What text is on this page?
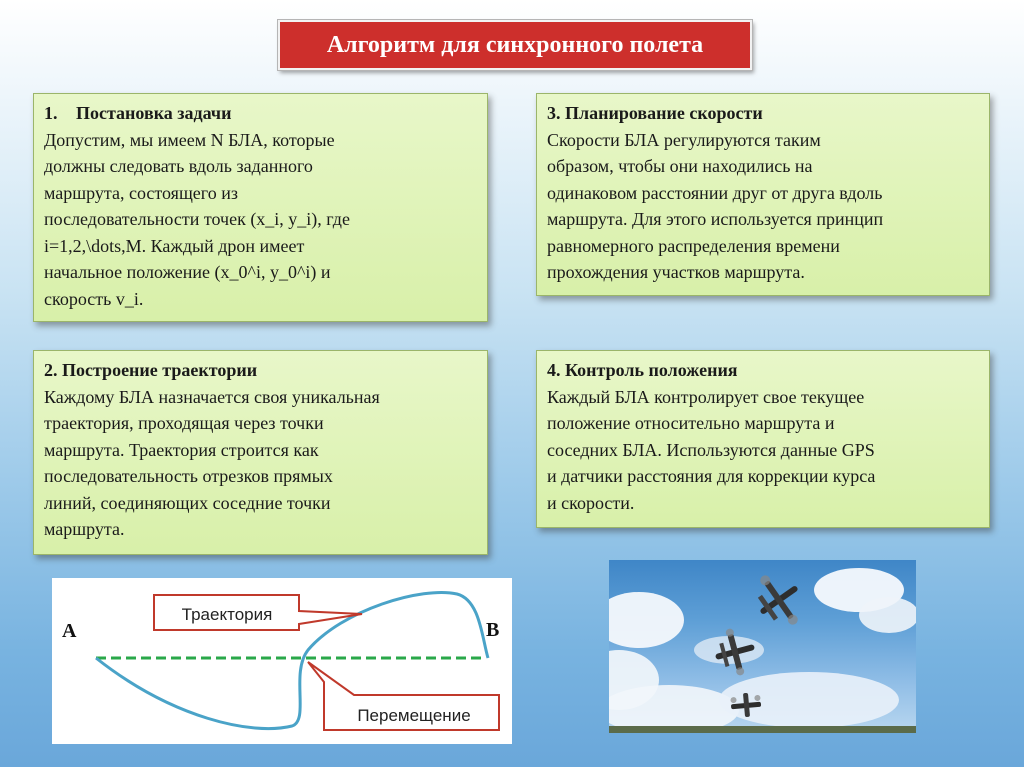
Алгоритм для синхронного полета
1. Постановка задачи
Допустим, мы имеем N БЛА, которые
должны следовать вдоль заданного
маршрута, состоящего из
последовательности точек (x_i, y_i), где
i=1,2,\dots,M. Каждый дрон имеет
начальное положение (x_0^i, y_0^i) и
скорость v_i.
2. Построение траектории
Каждому БЛА назначается своя уникальная
траектория, проходящая через точки
маршрута. Траектория строится как
последовательность отрезков прямых
линий, соединяющих соседние точки
маршрута.
3. Планирование скорости
Скорости БЛА регулируются таким
образом, чтобы они находились на
одинаковом расстоянии друг от друга вдоль
маршрута. Для этого используется принцип
равномерного распределения времени
прохождения участков маршрута.
4. Контроль положения
Каждый БЛА контролирует свое текущее
положение относительно маршрута и
соседних БЛА. Используются данные GPS
и датчики расстояния для коррекции курса
и скорости.
Траектория
Перемещение
A	B
